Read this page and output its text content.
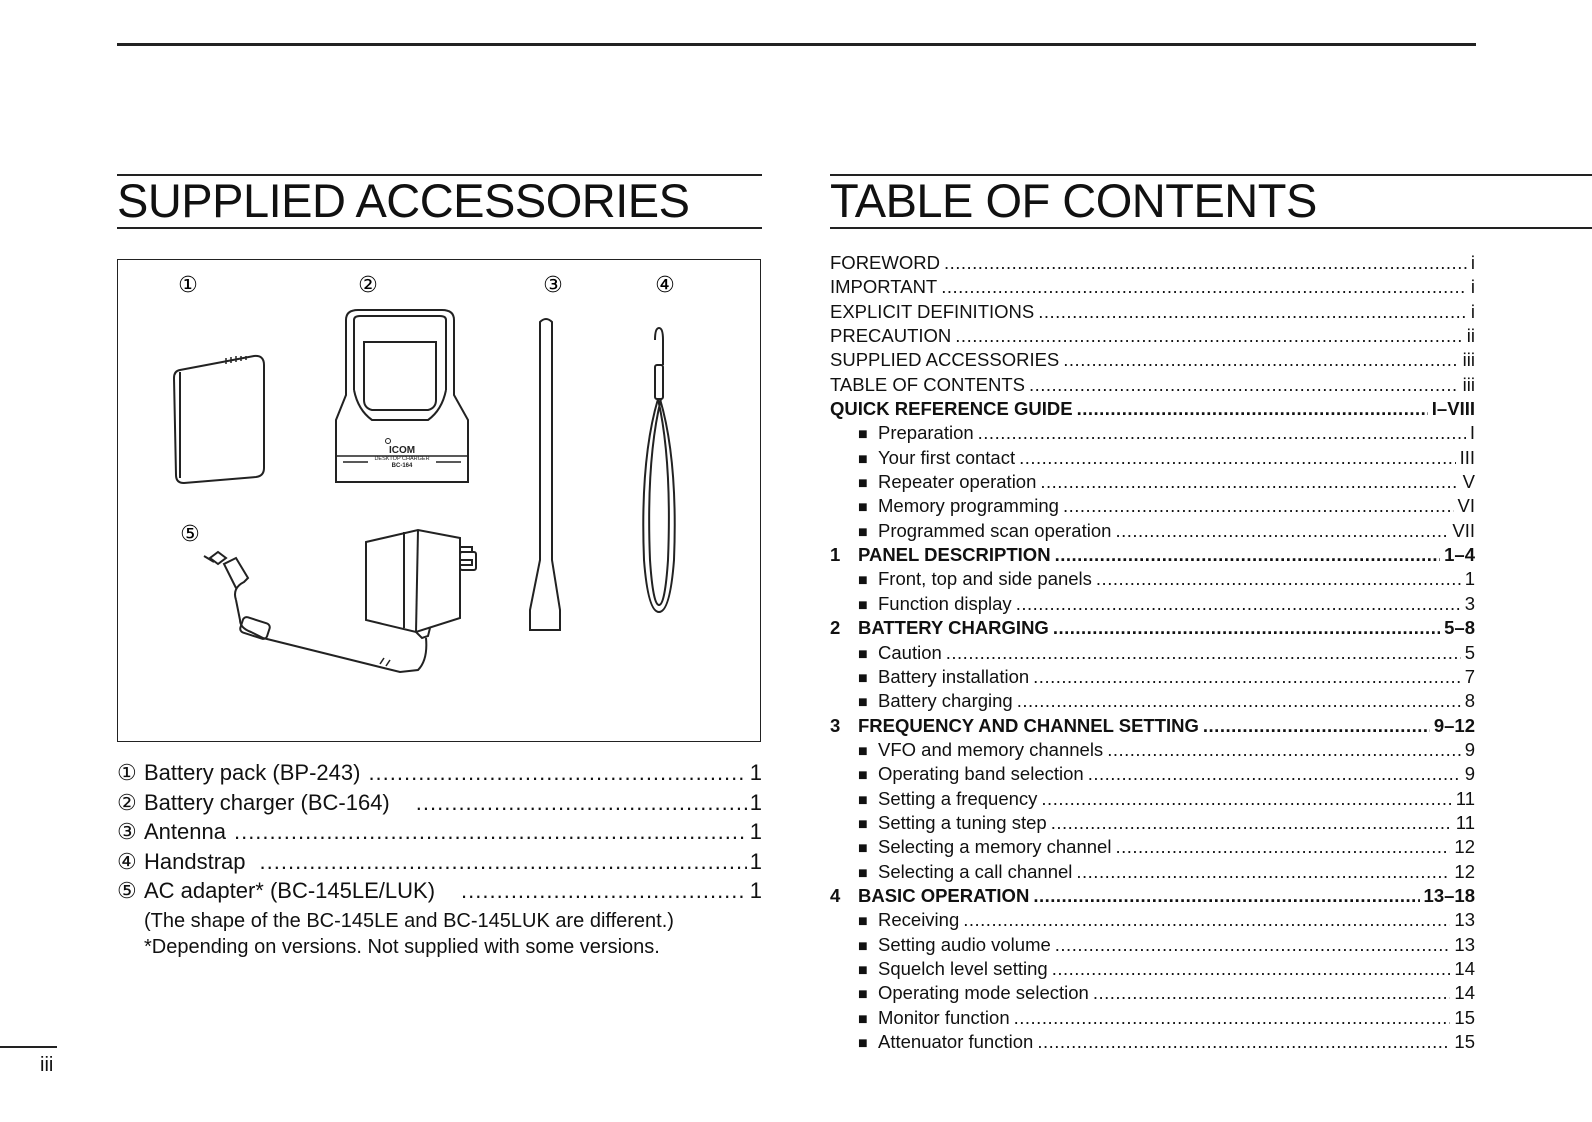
SUPPLIED ACCESSORIES
①	②	③	④
⑤
ICOM
DESKTOP CHARGER
BC-164
① Battery pack (BP-243) .....	1
② Battery charger (BC-164) .....	1
③ Antenna .....	1
④ Handstrap .....	1
⑤ AC adapter* (BC-145LE/LUK) .....	1
(The shape of the BC-145LE and BC-145LUK are different.)
*Depending on versions. Not supplied with some versions.
TABLE OF CONTENTS
FOREWORD .....	i
IMPORTANT .....	i
EXPLICIT DEFINITIONS .....	i
PRECAUTION .....	ii
SUPPLIED ACCESSORIES .....	iii
TABLE OF CONTENTS .....	iii
QUICK REFERENCE GUIDE .....	I–VIII
■ Preparation .....	I
■ Your first contact .....	III
■ Repeater operation .....	V
■ Memory programming .....	VI
■ Programmed scan operation .....	VII
1 PANEL DESCRIPTION .....	1–4
■ Front, top and side panels .....	1
■ Function display .....	3
2 BATTERY CHARGING .....	5–8
■ Caution .....	5
■ Battery installation .....	7
■ Battery charging .....	8
3 FREQUENCY AND CHANNEL SETTING .....	9–12
■ VFO and memory channels .....	9
■ Operating band selection .....	9
■ Setting a frequency .....	11
■ Setting a tuning step .....	11
■ Selecting a memory channel .....	12
■ Selecting a call channel .....	12
4 BASIC OPERATION .....	13–18
■ Receiving .....	13
■ Setting audio volume .....	13
■ Squelch level setting .....	14
■ Operating mode selection .....	14
■ Monitor function .....	15
■ Attenuator function .....	15
iii
